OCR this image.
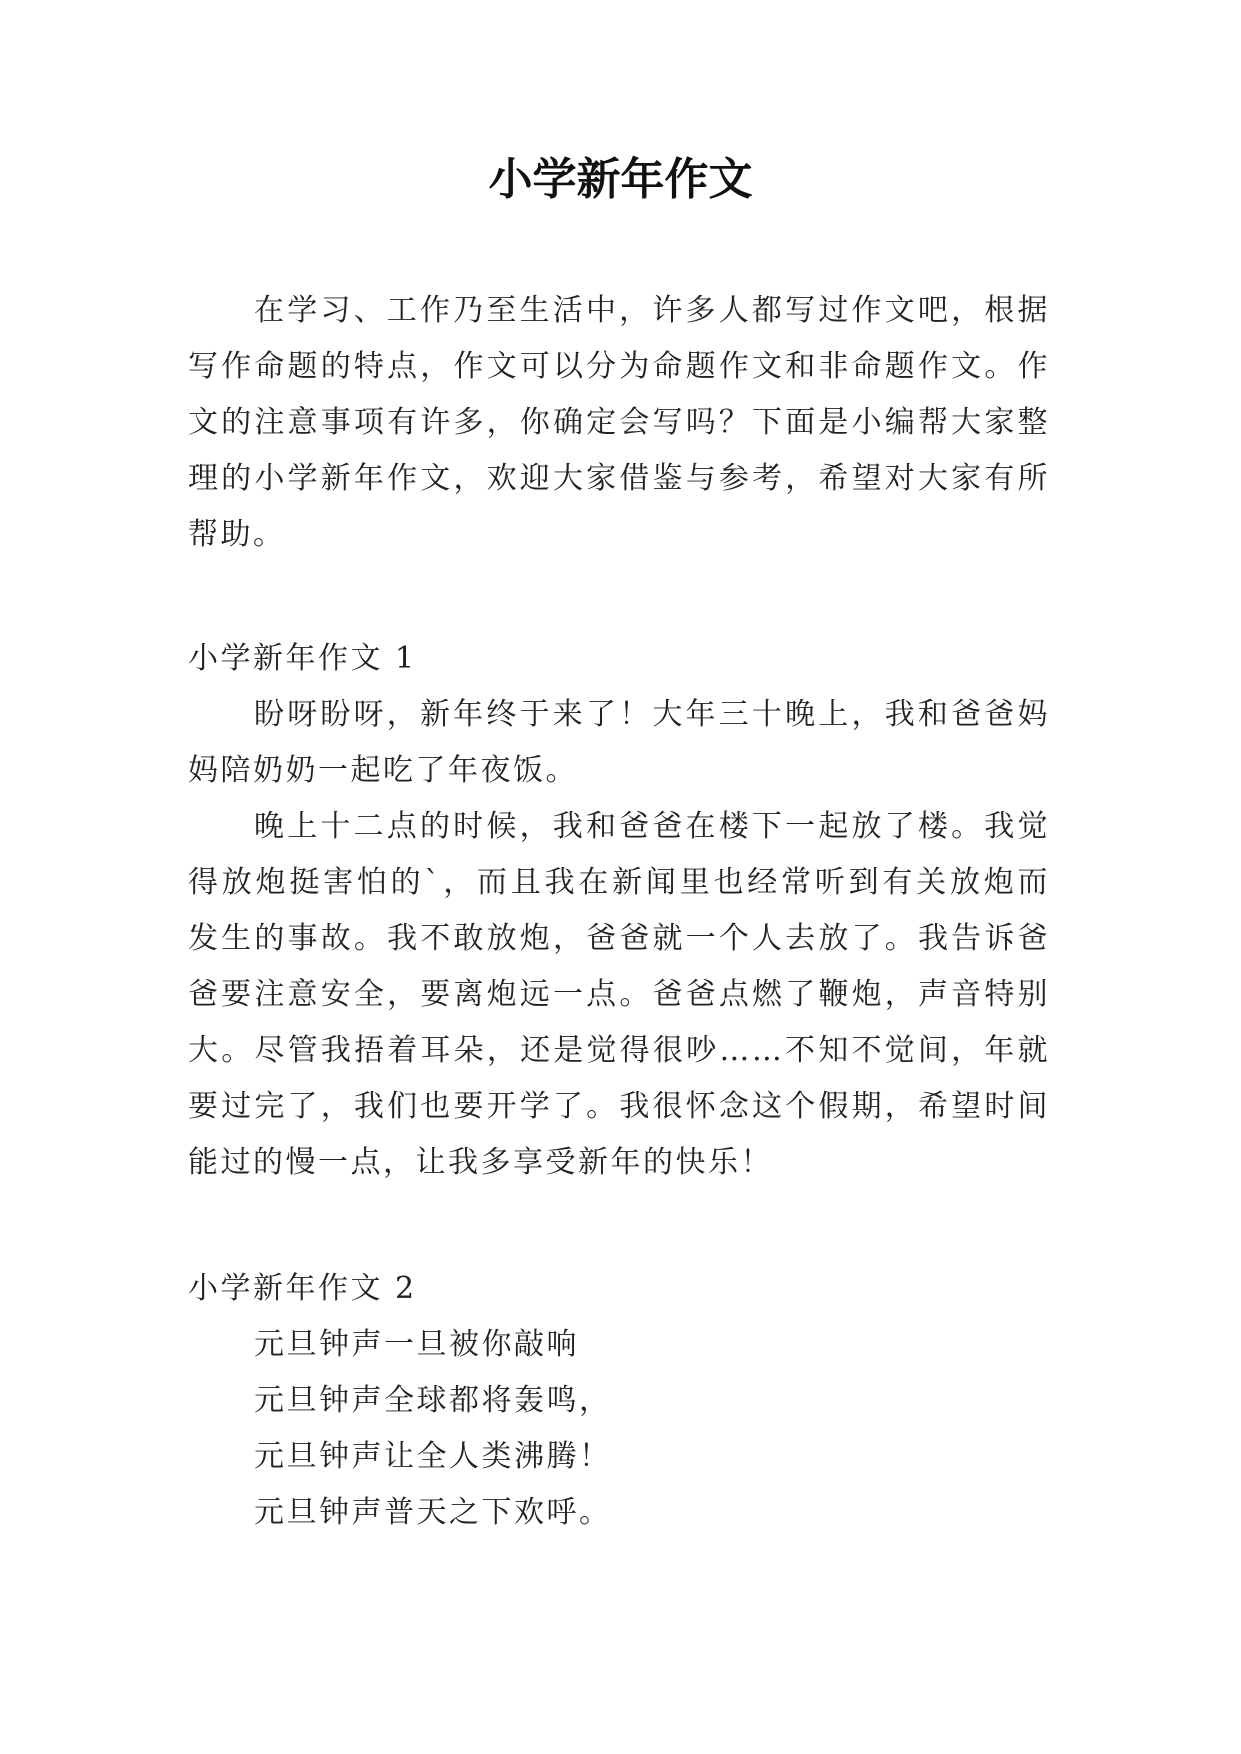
小学新年作文

在学习、工作乃至生活中，许多人都写过作文吧，根据写作命题的特点，作文可以分为命题作文和非命题作文。作文的注意事项有许多，你确定会写吗？下面是小编帮大家整理的小学新年作文，欢迎大家借鉴与参考，希望对大家有所帮助。

小学新年作文 1

盼呀盼呀，新年终于来了！大年三十晚上，我和爸爸妈妈陪奶奶一起吃了年夜饭。

晚上十二点的时候，我和爸爸在楼下一起放了楼。我觉得放炮挺害怕的`，而且我在新闻里也经常听到有关放炮而发生的事故。我不敢放炮，爸爸就一个人去放了。我告诉爸爸要注意安全，要离炮远一点。爸爸点燃了鞭炮，声音特别大。尽管我捂着耳朵，还是觉得很吵……不知不觉间，年就要过完了，我们也要开学了。我很怀念这个假期，希望时间能过的慢一点，让我多享受新年的快乐！

小学新年作文 2

元旦钟声一旦被你敲响

元旦钟声全球都将轰鸣，

元旦钟声让全人类沸腾！

元旦钟声普天之下欢呼。
